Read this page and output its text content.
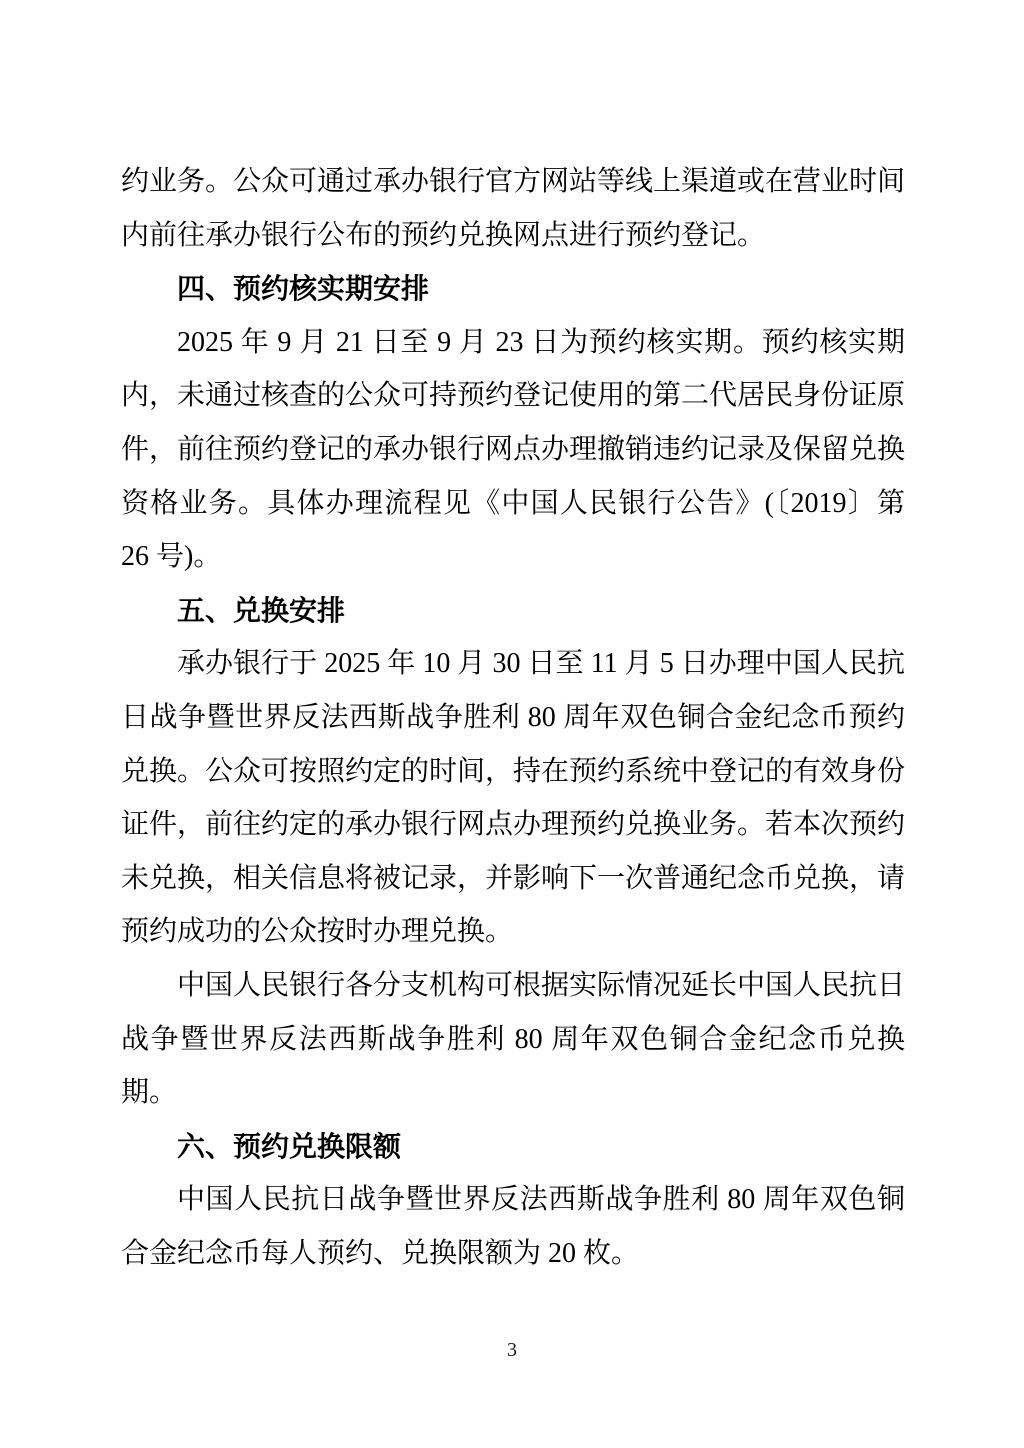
约业务。公众可通过承办银行官方网站等线上渠道或在营业时间内前往承办银行公布的预约兑换网点进行预约登记。

四、预约核实期安排

2025 年 9 月 21 日至 9 月 23 日为预约核实期。预约核实期内，未通过核查的公众可持预约登记使用的第二代居民身份证原件，前往预约登记的承办银行网点办理撤销违约记录及保留兑换资格业务。具体办理流程见《中国人民银行公告》(〔2019〕第 26 号)。

五、兑换安排

承办银行于 2025 年 10 月 30 日至 11 月 5 日办理中国人民抗日战争暨世界反法西斯战争胜利 80 周年双色铜合金纪念币预约兑换。公众可按照约定的时间，持在预约系统中登记的有效身份证件，前往约定的承办银行网点办理预约兑换业务。若本次预约未兑换，相关信息将被记录，并影响下一次普通纪念币兑换，请预约成功的公众按时办理兑换。

中国人民银行各分支机构可根据实际情况延长中国人民抗日战争暨世界反法西斯战争胜利 80 周年双色铜合金纪念币兑换期。

六、预约兑换限额

中国人民抗日战争暨世界反法西斯战争胜利 80 周年双色铜合金纪念币每人预约、兑换限额为 20 枚。

3
